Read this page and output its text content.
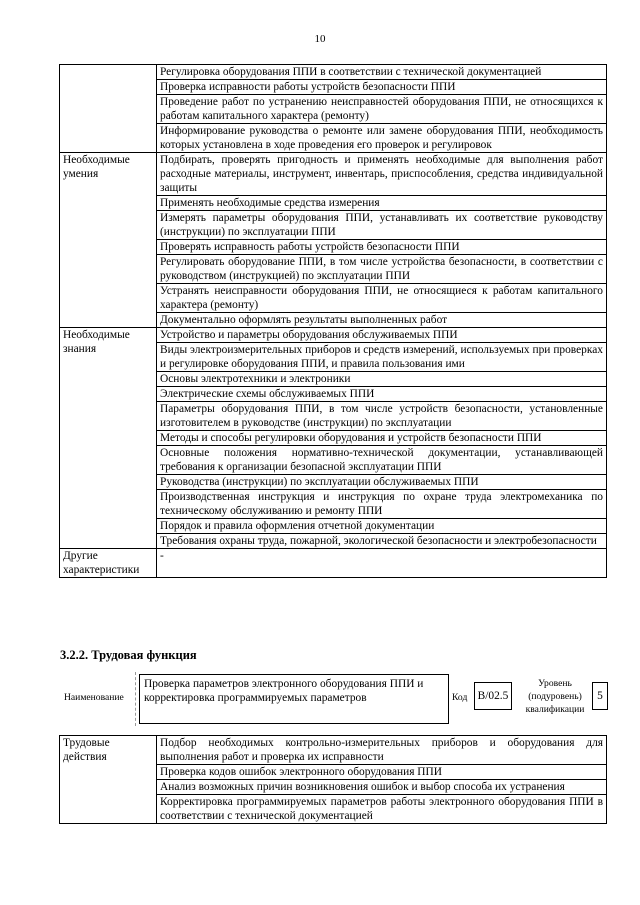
10
	Регулировка оборудования ППИ в соответствии с технической документацией
	Проверка исправности работы устройств безопасности ППИ
	Проведение работ по устранению неисправностей оборудования ППИ, не относящихся к работам капитального характера (ремонту)
	Информирование руководства о ремонте или замене оборудования ППИ, необходимость которых установлена в ходе проведения его проверок и регулировок
Необходимые умения	Подбирать, проверять пригодность и применять необходимые для выполнения работ расходные материалы, инструмент, инвентарь, приспособления, средства индивидуальной защиты
	Применять необходимые средства измерения
	Измерять параметры оборудования ППИ, устанавливать их соответствие руководству (инструкции) по эксплуатации ППИ
	Проверять исправность работы устройств безопасности ППИ
	Регулировать оборудование ППИ, в том числе устройства безопасности, в соответствии с руководством (инструкцией) по эксплуатации ППИ
	Устранять неисправности оборудования ППИ, не относящиеся к работам капитального характера (ремонту)
	Документально оформлять результаты выполненных работ
Необходимые знания	Устройство и параметры оборудования обслуживаемых ППИ
	Виды электроизмерительных приборов и средств измерений, используемых при проверках и регулировке оборудования ППИ, и правила пользования ими
	Основы электротехники и электроники
	Электрические схемы обслуживаемых ППИ
	Параметры оборудования ППИ, в том числе устройств безопасности, установленные изготовителем в руководстве (инструкции) по эксплуатации
	Методы и способы регулировки оборудования и устройств безопасности ППИ
	Основные положения нормативно-технической документации, устанавливающей требования к организации безопасной эксплуатации ППИ
	Руководства (инструкции) по эксплуатации обслуживаемых ППИ
	Производственная инструкция и инструкция по охране труда электромеханика по техническому обслуживанию и ремонту ППИ
	Порядок и правила оформления отчетной документации
	Требования охраны труда, пожарной, экологической безопасности и электробезопасности
Другие характеристики	-
3.2.2. Трудовая функция
Наименование
Проверка параметров электронного оборудования ППИ и корректировка программируемых параметров	Код B/02.5
Уровень (подуровень) квалификации
5
Трудовые действия	Подбор необходимых контрольно-измерительных приборов и оборудования для выполнения работ и проверка их исправности
Проверка кодов ошибок электронного оборудования ППИ
Анализ возможных причин возникновения ошибок и выбор способа их устранения
Корректировка программируемых параметров работы электронного оборудования ППИ в соответствии с технической документацией
